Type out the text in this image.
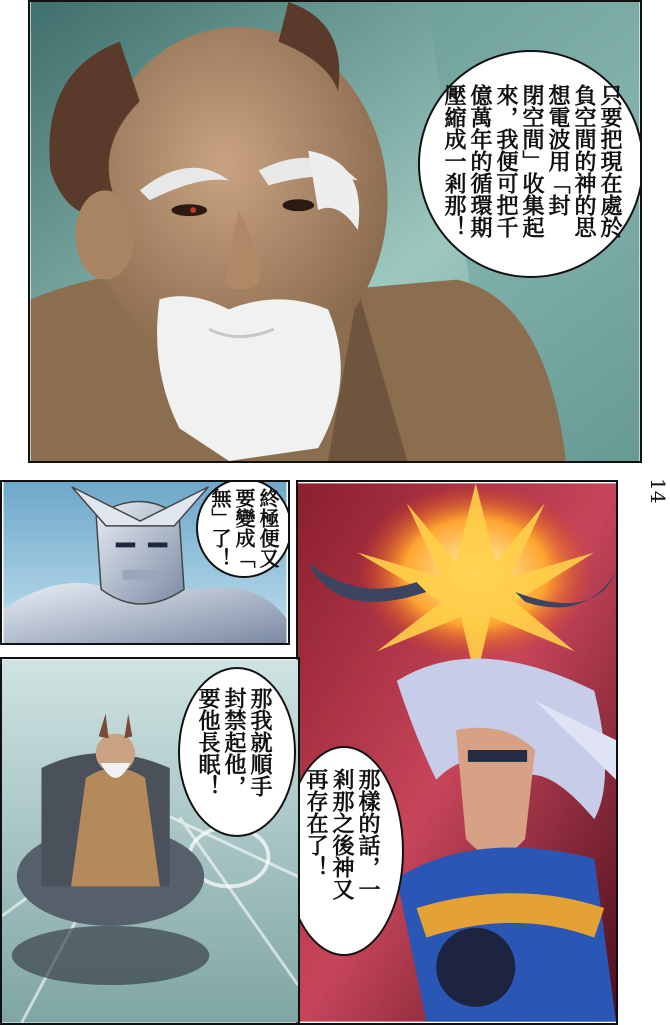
只要把現在處於
負空間的神的思
想電波用「封
閉空間」收集起
來，我便可把千
億萬年的循環期
壓縮成一剎那！
終極便又
要變成「
無」了！
那樣的話，一
剎那之後神又
再存在了！
那我就順手
封禁起他，
要他長眠！
14
